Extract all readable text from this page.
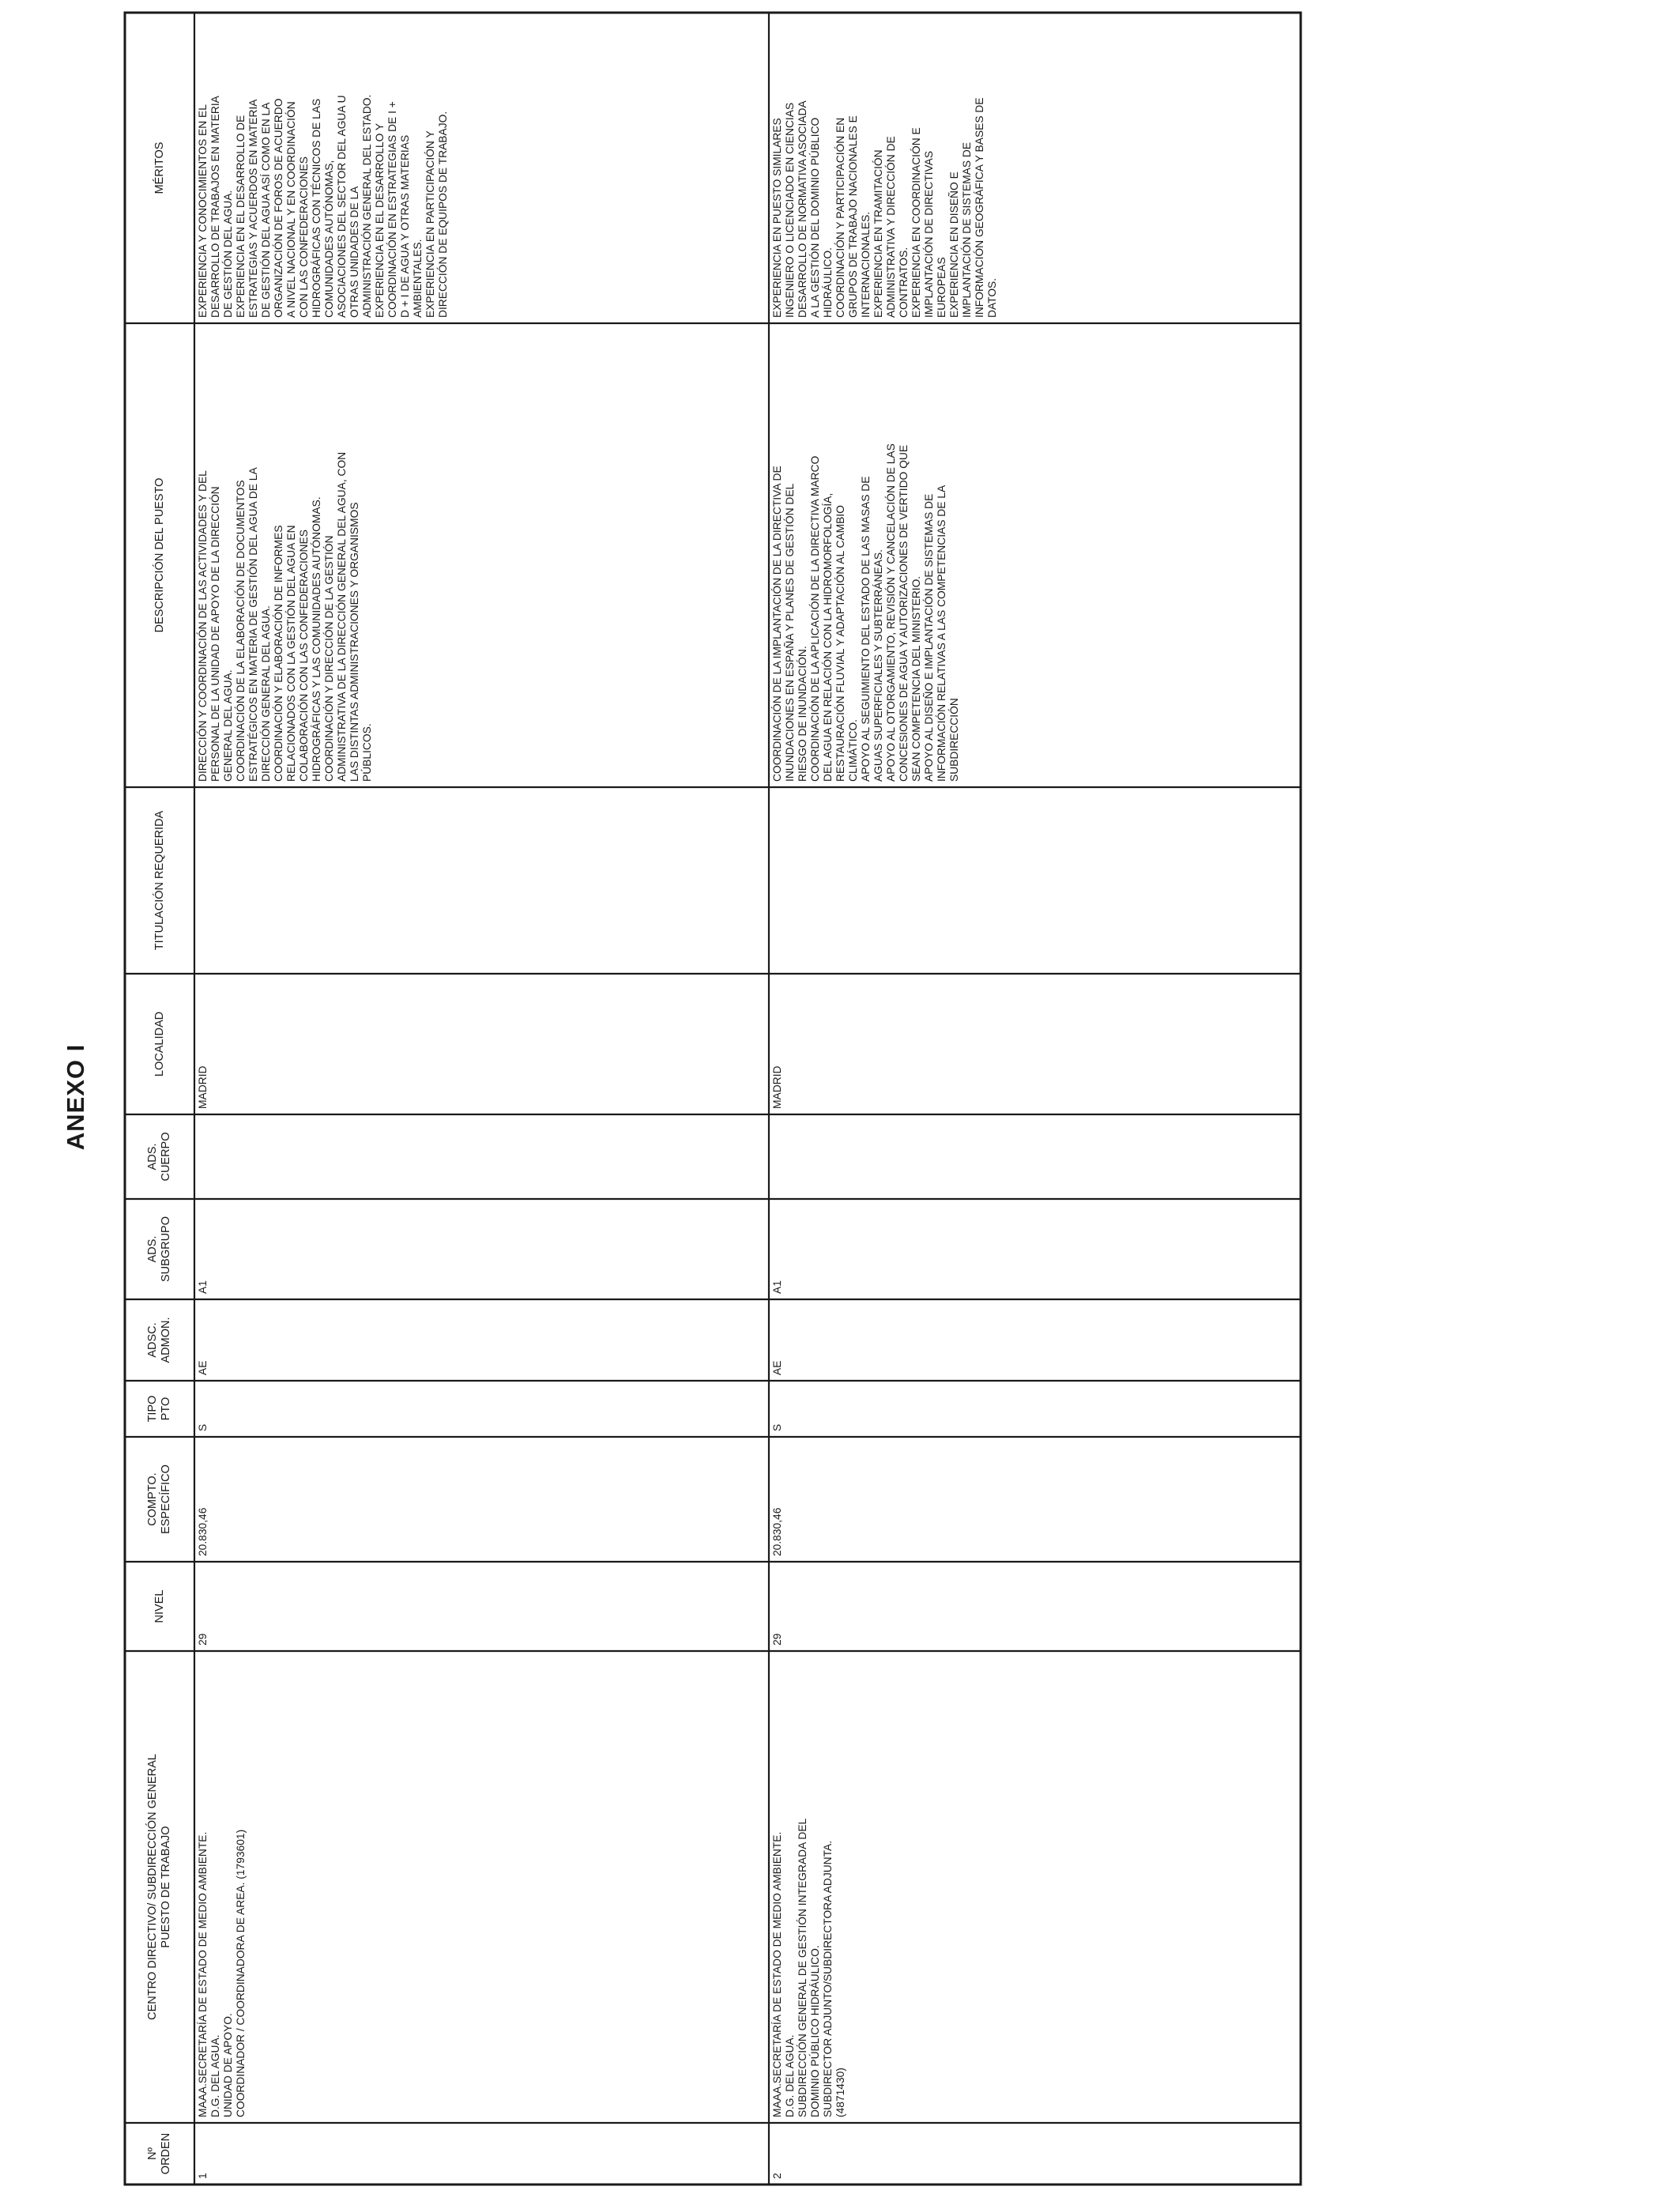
ANEXO I
Nº ORDEN
CENTRO DIRECTIVO/ SUBDIRECCIÓN GENERAL
PUESTO DE TRABAJO
NIVEL
COMPTO.
ESPECÍFICO
TIPO
PTO
ADSC.
ADMON.
ADS.
SUBGRUPO
ADS.
CUERPO
LOCALIDAD
TITULACIÓN REQUERIDA
DESCRIPCIÓN DEL PUESTO
MÉRITOS
1
MAAA.SECRETARÍA DE ESTADO DE MEDIO AMBIENTE.
D.G. DEL AGUA.
UNIDAD DE APOYO.
COORDINADOR / COORDINADORA DE AREA. (1793601)
29
20.830,46
S
AE
A1
MADRID
DIRECCIÓN Y COORDINACIÓN DE LAS ACTIVIDADES Y DEL
PERSONAL DE LA UNIDAD DE APOYO DE LA DIRECCIÓN
GENERAL DEL AGUA.
COORDINACIÓN DE LA ELABORACIÓN DE DOCUMENTOS
ESTRATÉGICOS EN MATERIA DE GESTIÓN DEL AGUA DE LA
DIRECCIÓN GENERAL DEL AGUA.
COORDINACIÓN Y ELABORACIÓN DE INFORMES
RELACIONADOS CON LA GESTIÓN DEL AGUA EN
COLABORACIÓN CON LAS CONFEDERACIONES
HIDROGRÁFICAS Y LAS COMUNIDADES AUTÓNOMAS.
COORDINACIÓN Y DIRECCIÓN DE LA GESTIÓN
ADMINISTRATIVA DE LA DIRECCIÓN GENERAL DEL AGUA, CON
LAS DISTINTAS ADMINISTRACIONES Y ORGANISMOS
PÚBLICOS.
EXPERIENCIA Y CONOCIMIENTOS EN EL
DESARROLLO DE TRABAJOS EN MATERIA
DE GESTIÓN DEL AGUA.
EXPERIENCIA EN EL DESARROLLO DE
ESTRATEGIAS Y ACUERDOS EN MATERIA
DE GESTIÓN DEL AGUA ASÍ COMO EN LA
ORGANIZACIÓN DE FOROS DE ACUERDO
A NIVEL NACIONAL Y EN COORDINACIÓN
CON LAS CONFEDERACIONES
HIDROGRÁFICAS CON TÉCNICOS DE LAS
COMUNIDADES AUTÓNOMAS,
ASOCIACIONES DEL SECTOR DEL AGUA U
OTRAS UNIDADES DE LA
ADMINISTRACIÓN GENERAL DEL ESTADO.
EXPERIENCIA EN EL DESARROLLO Y
COORDINACIÓN EN ESTRATEGIAS DE I +
D + I DE AGUA Y OTRAS MATERIAS
AMBIENTALES.
EXPERIENCIA EN PARTICIPACIÓN Y
DIRECCIÓN DE EQUIPOS DE TRABAJO.
2
MAAA.SECRETARÍA DE ESTADO DE MEDIO AMBIENTE.
D.G. DEL AGUA.
SUBDIRECCIÓN GENERAL DE GESTIÓN INTEGRADA DEL
DOMINIO PÚBLICO HIDRÁULICO.
SUBDIRECTOR ADJUNTO/SUBDIRECTORA ADJUNTA.
(4871430)
29
20.830,46
S
AE
A1
MADRID
COORDINACIÓN DE LA IMPLANTACIÓN DE LA DIRECTIVA DE
INUNDACIONES EN ESPAÑA Y PLANES DE GESTIÓN DEL
RIESGO DE INUNDACIÓN.
COORDINACIÓN DE LA APLICACIÓN DE LA DIRECTIVA MARCO
DEL AGUA EN RELACIÓN CON LA HIDROMORFOLOGÍA,
RESTAURACIÓN FLUVIAL Y ADAPTACIÓN AL CAMBIO
CLIMÁTICO.
APOYO AL SEGUIMIENTO DEL ESTADO DE LAS MASAS DE
AGUAS SUPERFICIALES Y SUBTERRÁNEAS.
APOYO AL OTORGAMIENTO, REVISIÓN Y CANCELACIÓN DE LAS
CONCESIONES DE AGUA Y AUTORIZACIONES DE VERTIDO QUE
SEAN COMPETENCIA DEL MINISTERIO.
APOYO AL DISEÑO E IMPLANTACIÓN DE SISTEMAS DE
INFORMACIÓN RELATIVAS A LAS COMPETENCIAS DE LA
SUBDIRECCIÓN
EXPERIENCIA EN PUESTO SIMILARES
INGENIERO O LICENCIADO EN CIENCIAS
DESARROLLO DE NORMATIVA ASOCIADA
A LA GESTIÓN DEL DOMINIO PÚBLICO
HIDRÁULICO.
COORDINACIÓN Y PARTICIPACIÓN EN
GRUPOS DE TRABAJO NACIONALES E
INTERNACIONALES.
EXPERIENCIA EN TRAMITACIÓN
ADMINISTRATIVA Y DIRECCIÓN DE
CONTRATOS.
EXPERIENCIA EN COORDINACIÓN E
IMPLANTACIÓN DE DIRECTIVAS
EUROPEAS
EXPERIENCIA EN DISEÑO E
IMPLANTACIÓN DE SISTEMAS DE
INFORMACIÓN GEOGRÁFICA Y BASES DE
DATOS.
